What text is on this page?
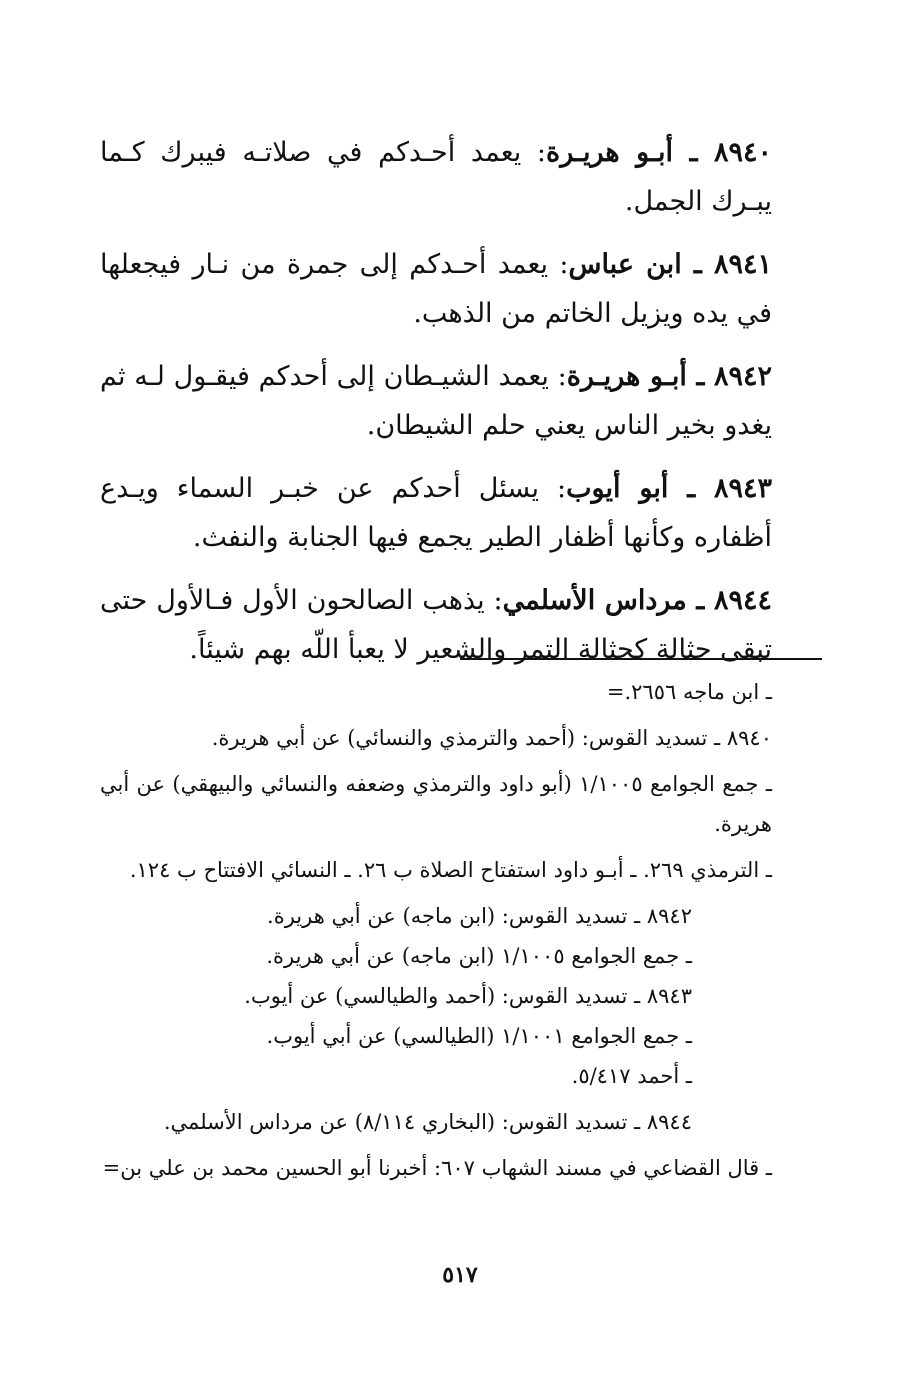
٨٩٤٠ ـ أبـو هريـرة: يعمد أحـدكم في صلاتـه فيبرك كـما يبـرك الجمل.

٨٩٤١ ـ ابن عباس: يعمد أحـدكم إلى جمرة من نـار فيجعلها في يده ويزيل الخاتم من الذهب.

٨٩٤٢ ـ أبـو هريـرة: يعمد الشيـطان إلى أحدكم فيقـول لـه ثم يغدو بخير الناس يعني حلم الشيطان.

٨٩٤٣ ـ أبو أيوب: يسئل أحدكم عن خبـر السماء ويـدع أظفاره وكأنها أظفار الطير يجمع فيها الجنابة والنفث.

٨٩٤٤ ـ مرداس الأسلمي: يذهب الصالحون الأول فـالأول حتى تبقى حثالة كحثالة التمر والشعير لا يعبأ اللّه بهم شيئاً.

ـ ابن ماجه ٢٦٥٦.=

٨٩٤٠ ـ تسديد القوس: (أحمد والترمذي والنسائي) عن أبي هريرة.

ـ جمع الجوامع ١/١٠٠٥ (أبو داود والترمذي وضعفه والنسائي والبيهقي) عن أبي هريرة.

ـ الترمذي ٢٦٩. ـ أبـو داود استفتاح الصلاة ب ٢٦. ـ النسائي الافتتاح ب ١٢٤.

٨٩٤٢ ـ تسديد القوس: (ابن ماجه) عن أبي هريرة.

ـ جمع الجوامع ١/١٠٠٥ (ابن ماجه) عن أبي هريرة.

٨٩٤٣ ـ تسديد القوس: (أحمد والطيالسي) عن أيوب.

ـ جمع الجوامع ١/١٠٠١ (الطيالسي) عن أبي أيوب.

ـ أحمد ٥/٤١٧.

٨٩٤٤ ـ تسديد القوس: (البخاري ٨/١١٤) عن مرداس الأسلمي.

ـ قال القضاعي في مسند الشهاب ٦٠٧: أخبرنا أبو الحسين محمد بن علي بن=

٥١٧
